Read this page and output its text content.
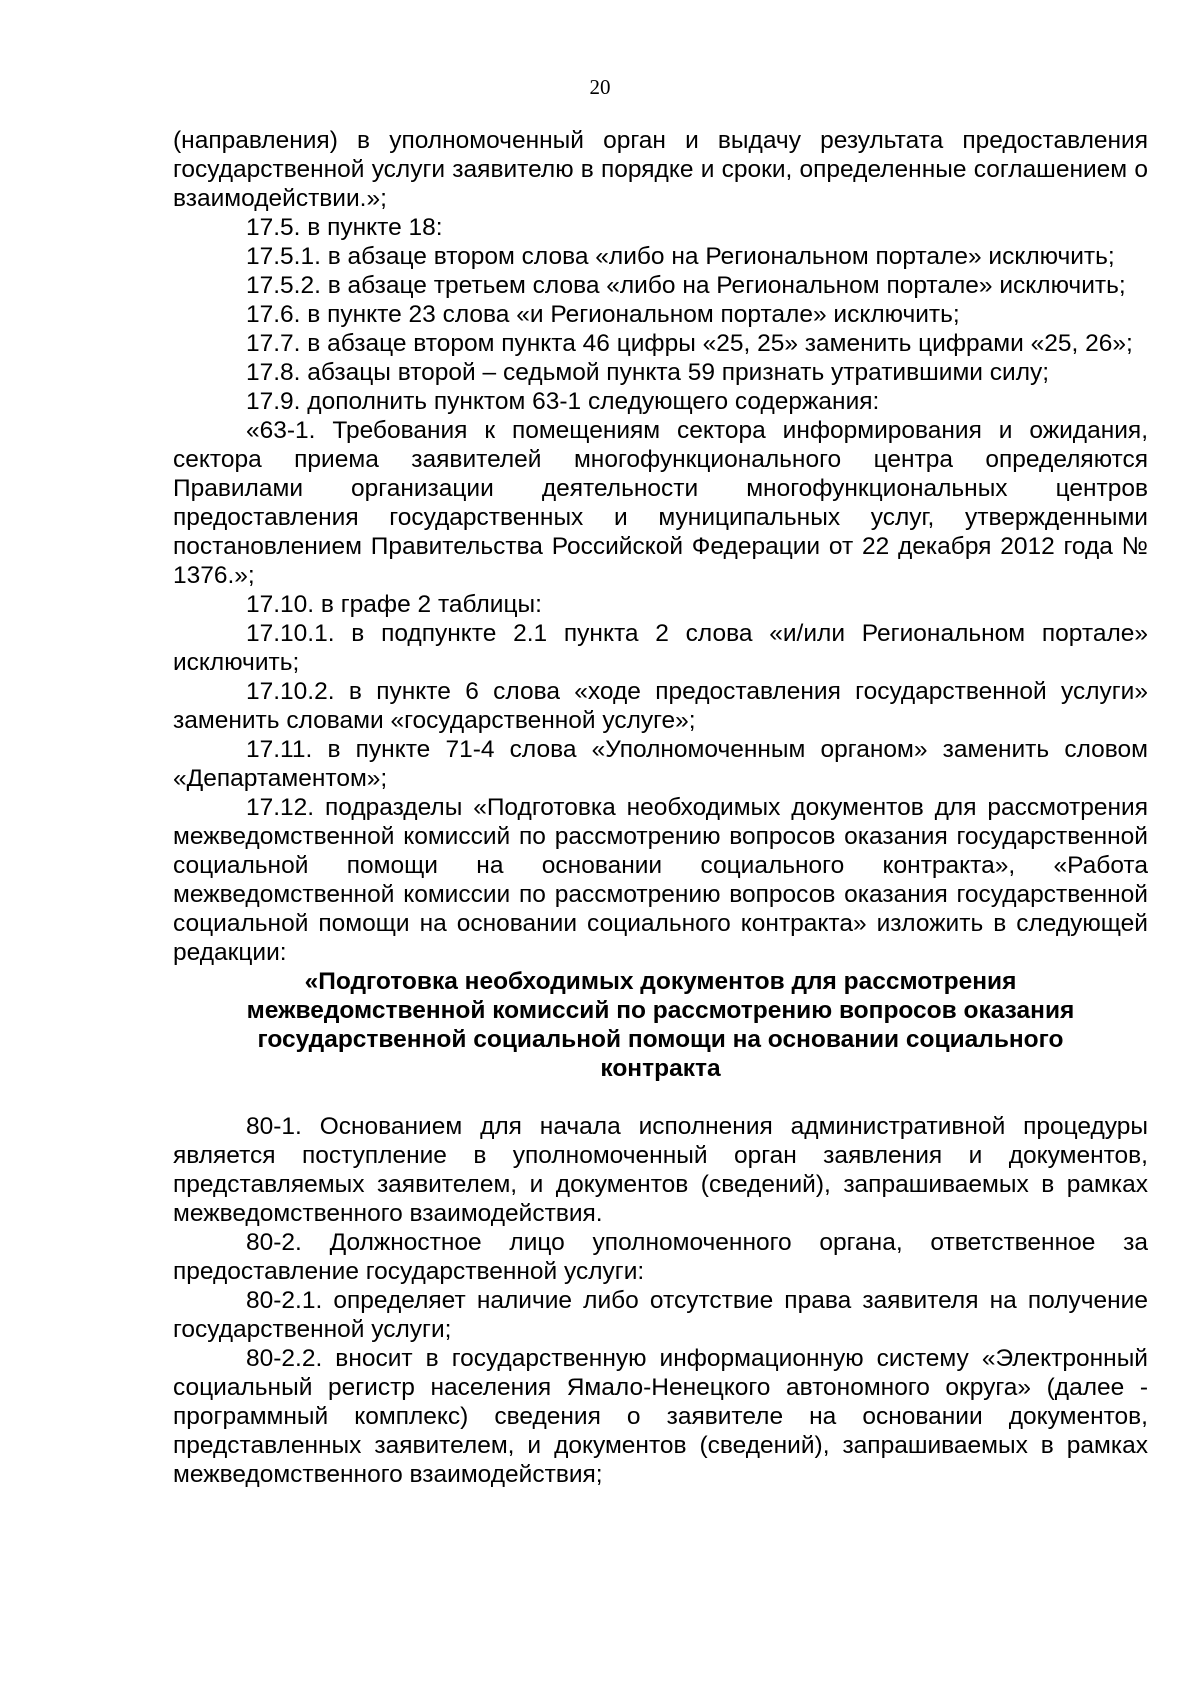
20

(направления) в уполномоченный орган и выдачу результата предоставления государственной услуги заявителю в порядке и сроки, определенные соглашением о взаимодействии.»;

17.5. в пункте 18:

17.5.1. в абзаце втором слова «либо на Региональном портале» исключить;

17.5.2. в абзаце третьем слова «либо на Региональном портале» исключить;

17.6. в пункте 23 слова «и Региональном портале» исключить;

17.7. в абзаце втором пункта 46 цифры «25, 25» заменить цифрами «25, 26»;

17.8. абзацы второй – седьмой пункта 59 признать утратившими силу;

17.9. дополнить пунктом 63-1 следующего содержания:

«63-1. Требования к помещениям сектора информирования и ожидания, сектора приема заявителей многофункционального центра определяются Правилами организации деятельности многофункциональных центров предоставления государственных и муниципальных услуг, утвержденными постановлением Правительства Российской Федерации от 22 декабря 2012 года № 1376.»;

17.10. в графе 2 таблицы:

17.10.1. в подпункте 2.1 пункта 2 слова «и/или Региональном портале» исключить;

17.10.2. в пункте 6 слова «ходе предоставления государственной услуги» заменить словами «государственной услуге»;

17.11. в пункте 71-4 слова «Уполномоченным органом» заменить словом «Департаментом»;

17.12. подразделы «Подготовка необходимых документов для рассмотрения межведомственной комиссий по рассмотрению вопросов оказания государственной социальной помощи на основании социального контракта», «Работа межведомственной комиссии по рассмотрению вопросов оказания государственной социальной помощи на основании социального контракта» изложить в следующей редакции:

«Подготовка необходимых документов для рассмотрения межведомственной комиссий по рассмотрению вопросов оказания государственной социальной помощи на основании социального контракта

80-1. Основанием для начала исполнения административной процедуры является поступление в уполномоченный орган заявления и документов, представляемых заявителем, и документов (сведений), запрашиваемых в рамках межведомственного взаимодействия.

80-2. Должностное лицо уполномоченного органа, ответственное за предоставление государственной услуги:

80-2.1. определяет наличие либо отсутствие права заявителя на получение государственной услуги;

80-2.2. вносит в государственную информационную систему «Электронный социальный регистр населения Ямало-Ненецкого автономного округа» (далее - программный комплекс) сведения о заявителе на основании документов, представленных заявителем, и документов (сведений), запрашиваемых в рамках межведомственного взаимодействия;
